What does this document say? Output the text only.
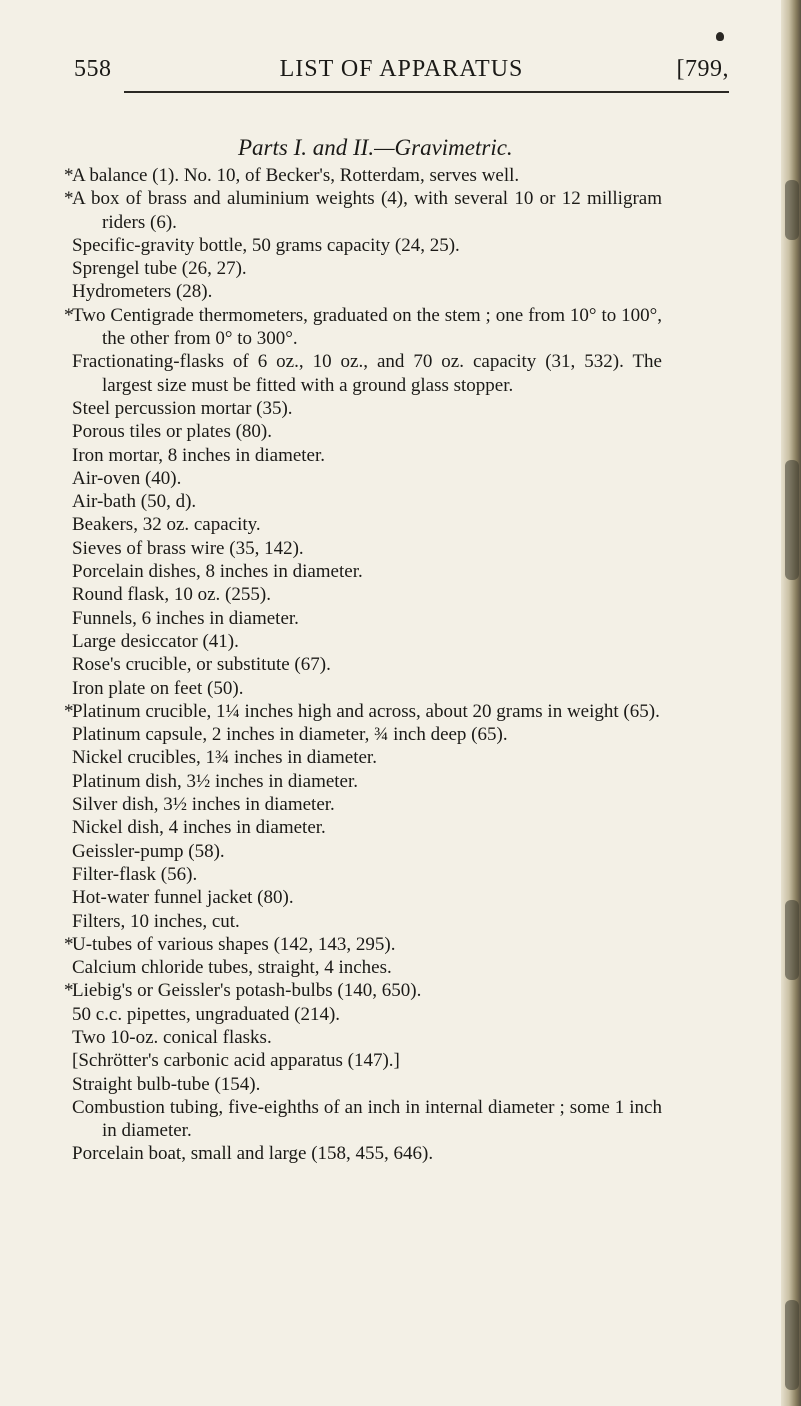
558	LIST OF APPARATUS	[799,
Parts I. and II.—Gravimetric.
*A balance (1). No. 10, of Becker's, Rotterdam, serves well.
*A box of brass and aluminium weights (4), with several 10 or 12 milligram riders (6).
Specific-gravity bottle, 50 grams capacity (24, 25).
Sprengel tube (26, 27).
Hydrometers (28).
*Two Centigrade thermometers, graduated on the stem ; one from 10° to 100°, the other from 0° to 300°.
Fractionating-flasks of 6 oz., 10 oz., and 70 oz. capacity (31, 532). The largest size must be fitted with a ground glass stopper.
Steel percussion mortar (35).
Porous tiles or plates (80).
Iron mortar, 8 inches in diameter.
Air-oven (40).
Air-bath (50, d).
Beakers, 32 oz. capacity.
Sieves of brass wire (35, 142).
Porcelain dishes, 8 inches in diameter.
Round flask, 10 oz. (255).
Funnels, 6 inches in diameter.
Large desiccator (41).
Rose's crucible, or substitute (67).
Iron plate on feet (50).
*Platinum crucible, 1¼ inches high and across, about 20 grams in weight (65).
Platinum capsule, 2 inches in diameter, ¾ inch deep (65).
Nickel crucibles, 1¾ inches in diameter.
Platinum dish, 3½ inches in diameter.
Silver dish, 3½ inches in diameter.
Nickel dish, 4 inches in diameter.
Geissler-pump (58).
Filter-flask (56).
Hot-water funnel jacket (80).
Filters, 10 inches, cut.
*U-tubes of various shapes (142, 143, 295).
Calcium chloride tubes, straight, 4 inches.
*Liebig's or Geissler's potash-bulbs (140, 650).
50 c.c. pipettes, ungraduated (214).
Two 10-oz. conical flasks.
[Schrötter's carbonic acid apparatus (147).]
Straight bulb-tube (154).
Combustion tubing, five-eighths of an inch in internal diameter ; some 1 inch in diameter.
Porcelain boat, small and large (158, 455, 646).
